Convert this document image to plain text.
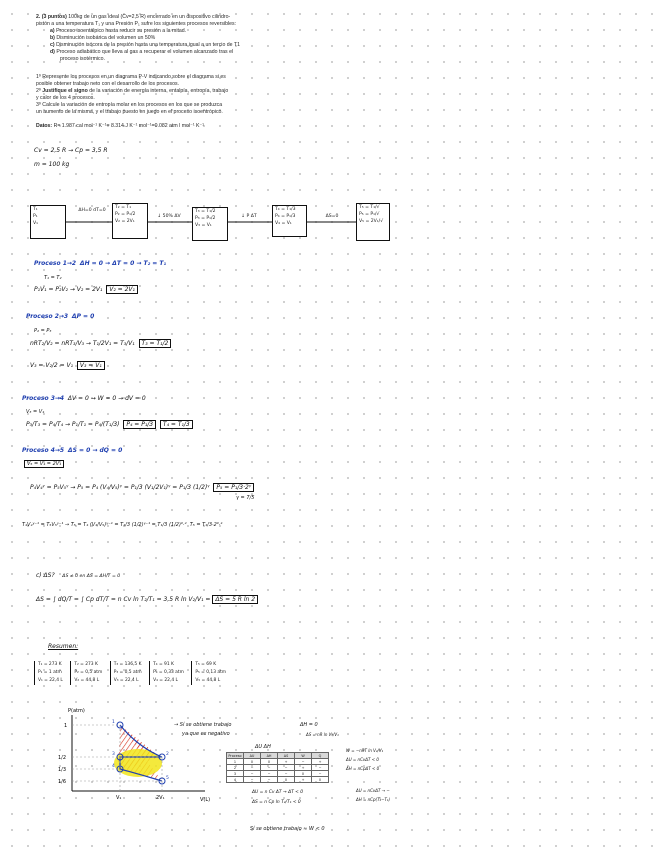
2. (3 puntos) 100kg de un gas ideal (Cv=2,5 R) encerrado en un dispositivo cilindro-
pistón a una temperatura T₁ y una Presión P₁ sufre los siguientes procesos reversibles:
a) Proceso isoentálpico hasta reducir su presión a la mitad.
b) Disminución isobárica del volumen un 50%
c) Disminución isócora de la presión hasta una temperatura igual a un tercio de T1
d) Proceso adiabático que lleva al gas a recuperar el volumen alcanzado tras el
proceso isotérmico.
1º Represente los procesos en un diagrama P-V indicando sobre el diagrama si es
posible obtener trabajo neto con el desarrollo de los procesos.
2º Justifique el signo de la variación de energía interna, entalpía, entropía, trabajo
y calor de los 4 procesos.
3º Calcule la variación de entropía molar en los procesos en los que se produzca
un aumento de la misma, y el trabajo puesto en juego en el proceso isoentrópico.
Datos: R= 1.987 cal mol⁻¹ K⁻¹= 8.314 J K⁻¹ mol⁻¹=0.082 atm l mol⁻¹ K⁻¹
Cv = 2,5 R → Cp = 3,5 R
m = 100 kg
T₁
P₁
V₁
T₂ = T₁
P₂ = P₁/2
V₂ = 2V₁
T₃ = T₁/2
P₃ = P₁/2
V₃ = V₁
T₄ = T₁/3
P₄ = P₁/3
V₄ = V₁
T₅ = T₁/√
P₅ = P₁/√
V₅ = 2V₁/√
ΔH=0 dT=0
↓ 50% ΔV	↓ P ΔT	ΔS=0
Proceso 1→2 ΔH = 0 → ΔT = 0 → T₂ = T₁
T₁ = T₂
P₁V₁ = P₂V₂ → V₂ = 2V₁ V₂ = 2V₁
Proceso 2→3 ΔP = 0
P₂ = P₃
nRT₂/V₂ = nRT₃/V₃ → T₁/2V₁ = T₃/V₁ T₃ = T₁/2
V₃ = V₂/2 = V₁ V₃ = V₁
Proceso 3→4 ΔV = 0 → W = 0 → dV = 0
V₃ = V₄
P₃/T₃ = P₄/T₄ → P₁/T₁ = P₄/(T₁/3) P₄ = P₁/3 T₄ = T₁/3
Proceso 4→5 ΔS = 0 → dQ = 0
V₅ = V₄ = 2V₁
P₄V₄ᵞ = P₅V₅ᵞ → P₅ = P₄ (V₄/V₅)ᵞ = P₁/3 (V₁/2V₁)ᵞ = P₁/3 (1/2)ᵞ P₅ = P₁/3·2ᵞ
γ = 7/5
T₄V₄ᵞ⁻¹ = T₅V₅ᵞ⁻¹ → T₅ = T₄ (V₄/V₅)ᵞ⁻¹ = T₁/3 (1/2)ᵞ⁻¹ = T₁/3 (1/2)⁰·⁴ T₅ = T₁/3·2⁰·⁴
c) ΔS? ΔS ≠ 0 en ΔS = ΔH/T = 0
ΔS = ∫ dQ/T = ∫ Cp dT/T = n Cv ln T₂/T₁ = 3,5 R ln V₂/V₁ = ΔS = 5 R ln 2
Resumen:
T₁ = 273 K
P₁ = 1 atm
V₁ = 22,4 L

T₂ = 273 K
P₂ = 0,5 atm
V₂ = 44,8 L

T₃ = 136,5 K
P₃ = 0,5 atm
V₃ = 22,4 L

T₄ = 91 K
P₄ = 0,33 atm
V₄ = 22,4 L

T₅ = 69 K
P₅ = 0,13 atm
V₅ = 44,8 L
1
1/2
1/3
1/6
V₁	2V₁
P(atm)
V(L)
1
2
3
4
5
→ Sí se obtiene trabajo
ya que es negativo
ΔU ΔH
Proceso	ΔU	ΔH	ΔS	W	Q
1	0	0	+	−	+
2	−	−	−	+	−
3	−	−	−	0	−
4	−	−	0	+	0
ΔH = 0
ΔS = nR ln V₂/V₁
W = −nRT ln V₂/V₁
ΔU = nCvΔT < 0
ΔH = nCpΔT < 0
ΔU = nCvΔT → −
ΔH = nCp(T₂−T₁)
ΔU = n Cv ΔT → ΔT < 0
ΔS = n Cp ln T₂/T₁ < 0
Sí se obtiene trabajo ≈ W < 0
